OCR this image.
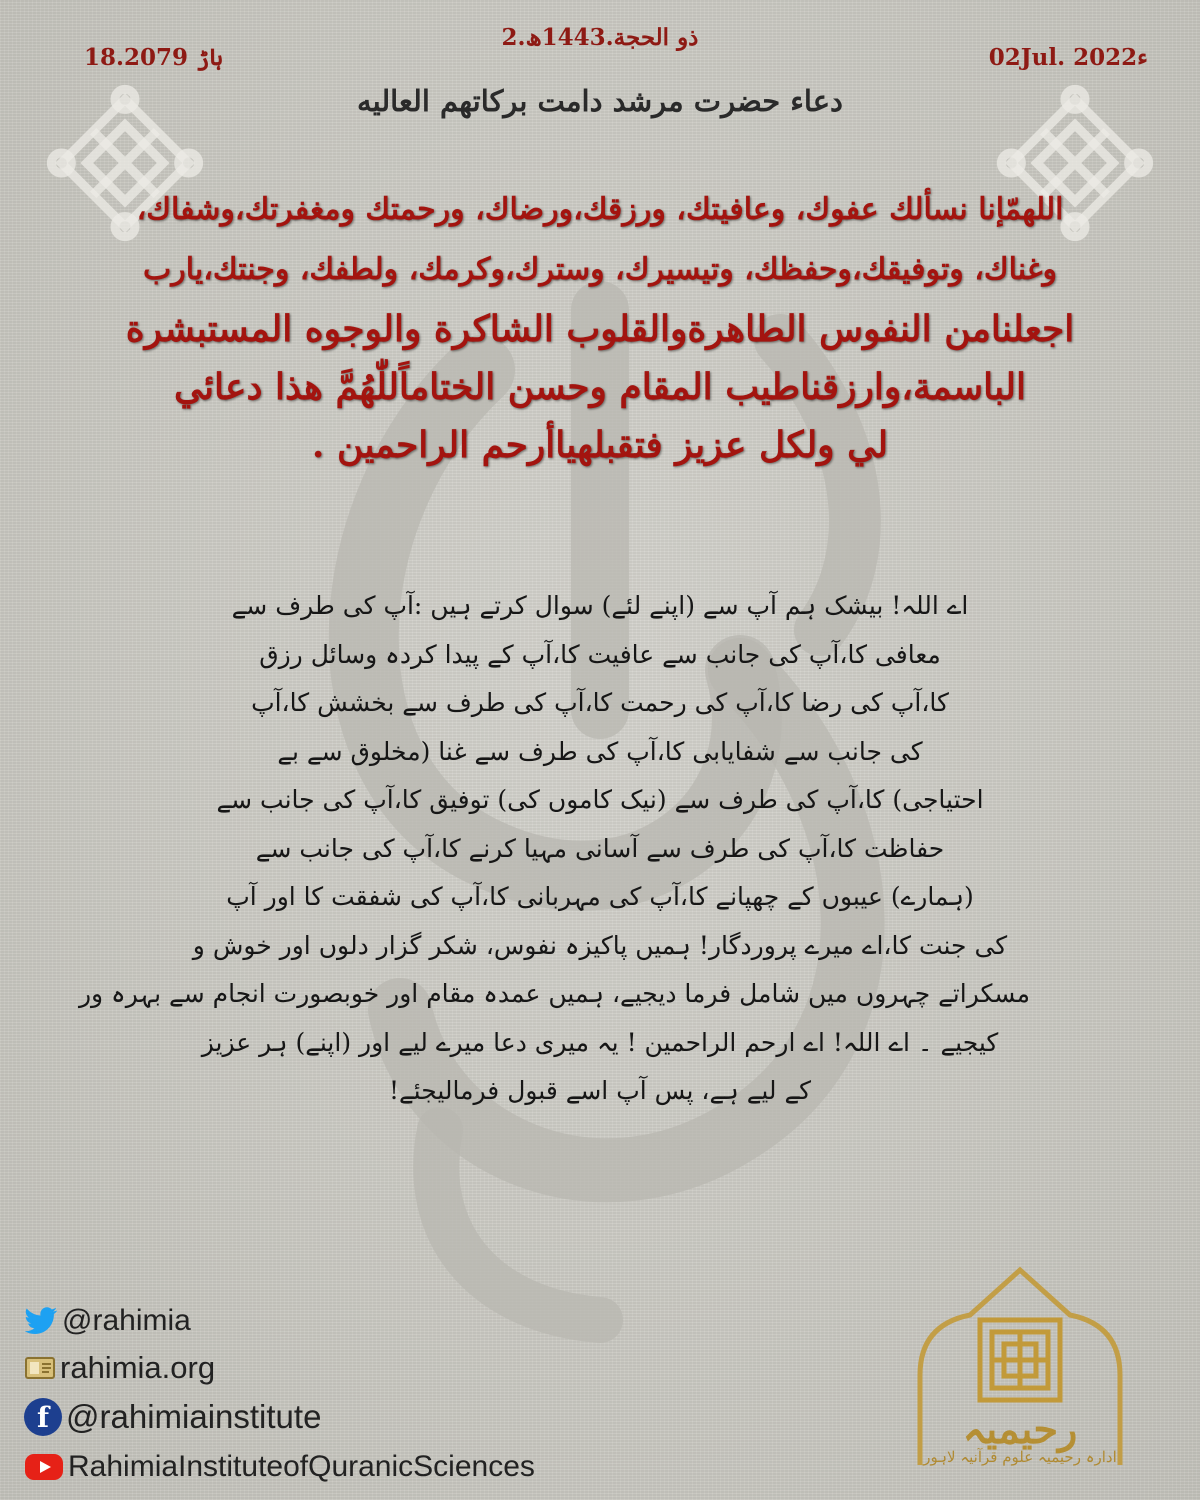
2.ذو الحجة.1443ھ
02Jul. 2022ء
18.ہاڑ 2079
دعاء حضرت مرشد دامت برکاتهم العاليه

اللهمّإنا نسألك عفوك، وعافيتك، ورزقك،ورضاك، ورحمتك ومغفرتك،وشفاك،

وغناك، وتوفيقك،وحفظك، وتيسيرك، وسترك،وكرمك، ولطفك، وجنتك،يارب

اجعلنامن النفوس الطاهرةوالقلوب الشاكرة والوجوه المستبشرة

الباسمة،وارزقناطيب المقام وحسن الختاماًللّٰهُمَّ هذا دعائي

لي ولكل عزيز فتقبلهياأرحم الراحمين .

اے اللہ! بیشک ہم آپ سے (اپنے لئے) سوال کرتے ہیں :آپ کی طرف سے

معافی کا،آپ کی جانب سے عافیت کا،آپ کے پیدا کردہ وسائل رزق

کا،آپ کی رضا کا،آپ کی رحمت کا،آپ کی طرف سے بخشش کا،آپ

کی جانب سے شفایابی کا،آپ کی طرف سے غنا (مخلوق سے بے

احتیاجی) کا،آپ کی طرف سے (نیک کاموں کی) توفیق کا،آپ کی جانب سے

حفاظت کا،آپ کی طرف سے آسانی مہیا کرنے کا،آپ کی جانب سے

(ہمارے) عیبوں کے چھپانے کا،آپ کی مہربانی کا،آپ کی شفقت کا اور آپ

کی جنت کا،اے میرے پروردگار! ہمیں پاکیزہ نفوس، شکر گزار دلوں اور خوش و

مسکراتے چہروں میں شامل فرما دیجیے، ہمیں عمدہ مقام اور خوبصورت انجام سے بہرہ ور

کیجیے ۔ اے اللہ! اے ارحم الراحمین ! یہ میری دعا میرے لیے اور (اپنے) ہر عزیز

کے لیے ہے، پس آپ اسے قبول فرمالیجئے!

@rahimia
rahimia.org
f @rahimiainstitute
RahimiaInstituteofQuranicSciences
رحیمیہ
ادارہ رحیمیہ علوم قرآنیہ لاہور
